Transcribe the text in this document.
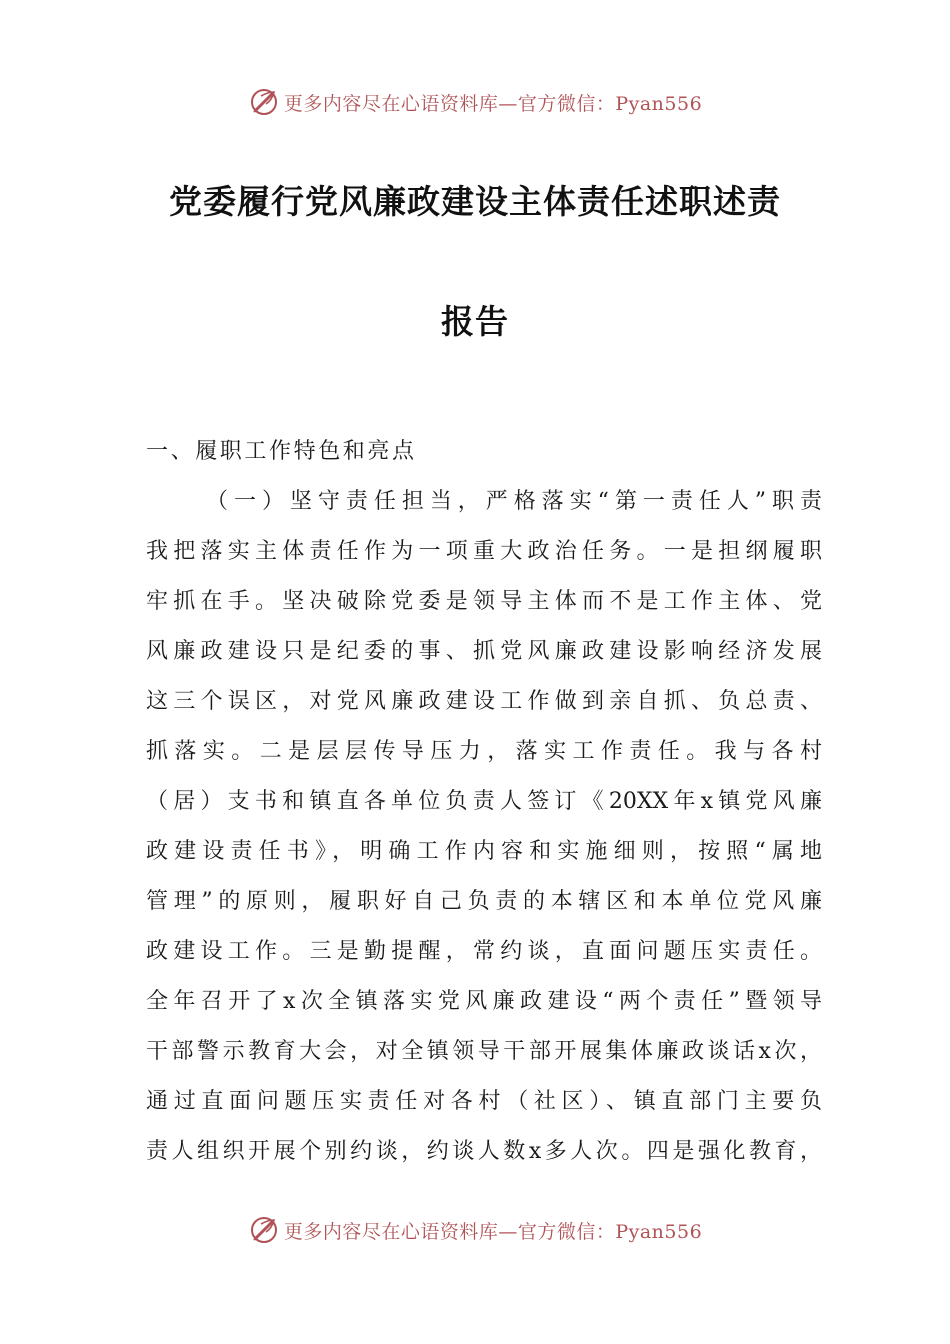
更多内容尽在心语资料库—官方微信：Pyan556
党委履行党风廉政建设主体责任述职述责
报告
一、履职工作特色和亮点
（一）坚守责任担当，严格落实“第一责任人”职责
我把落实主体责任作为一项重大政治任务。一是担纲履职
牢抓在手。坚决破除党委是领导主体而不是工作主体、党
风廉政建设只是纪委的事、抓党风廉政建设影响经济发展
这三个误区，对党风廉政建设工作做到亲自抓、负总责、
抓落实。二是层层传导压力，落实工作责任。我与各村
（居）支书和镇直各单位负责人签订《20XX年x镇党风廉
政建设责任书》，明确工作内容和实施细则，按照“属地
管理”的原则，履职好自己负责的本辖区和本单位党风廉
政建设工作。三是勤提醒，常约谈，直面问题压实责任。
全年召开了x次全镇落实党风廉政建设“两个责任”暨领导
干部警示教育大会，对全镇领导干部开展集体廉政谈话x次，
通过直面问题压实责任对各村（社区）、镇直部门主要负
责人组织开展个别约谈，约谈人数x多人次。四是强化教育，
更多内容尽在心语资料库—官方微信：Pyan556
